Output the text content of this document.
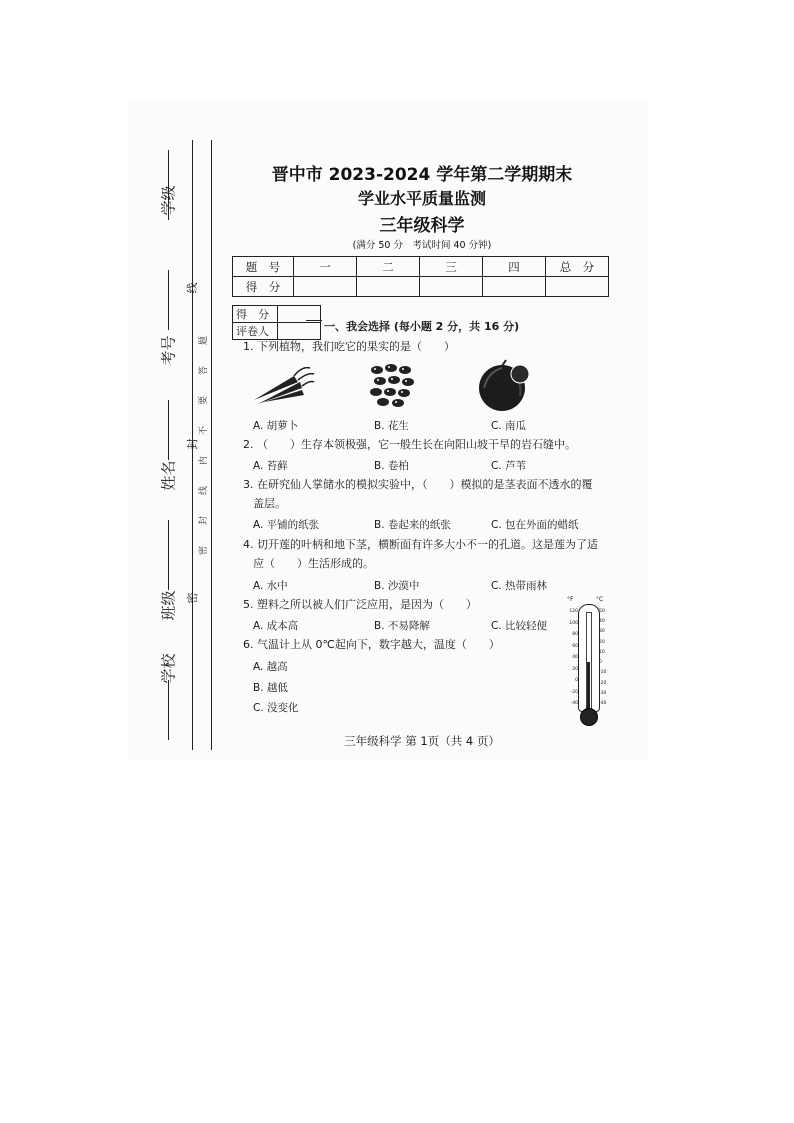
学级
考号
姓名
班级
学校
线
封
密
题
答
要
不
内
线
封
密
晋中市 2023-2024 学年第二学期期末
学业水平质量监测
三年级科学
(满分 50 分　考试时间 40 分钟)
题　号	一	二	三	四	总　分
得　分					
得　分	
评卷人		一、我会选择 (每小题 2 分，共 16 分)
1. 下列植物，我们吃它的果实的是（　　）
A. 胡萝卜	B. 花生	C. 南瓜
2. （　　）生存本领极强，它一般生长在向阳山坡干旱的岩石缝中。
A. 苔藓	B. 卷柏	C. 芦苇
3. 在研究仙人掌储水的模拟实验中，（　　）模拟的是茎表面不透水的覆
盖层。
A. 平铺的纸张	B. 卷起来的纸张	C. 包在外面的蜡纸
4. 切开莲的叶柄和地下茎，横断面有许多大小不一的孔道。这是莲为了适
应（　　）生活形成的。
A. 水中	B. 沙漠中	C. 热带雨林
5. 塑料之所以被人们广泛应用，是因为（　　）
A. 成本高	B. 不易降解	C. 比较轻便
6. 气温计上从 0℃起向下，数字越大，温度（　　）
A. 越高
B. 越低
C. 没变化
°F	°C
120
100
80
60
40
20
0
-20
-40
50
40
30
20
10
0
-10
-20
-30
-40
三年级科学 第 1页（共 4 页）
